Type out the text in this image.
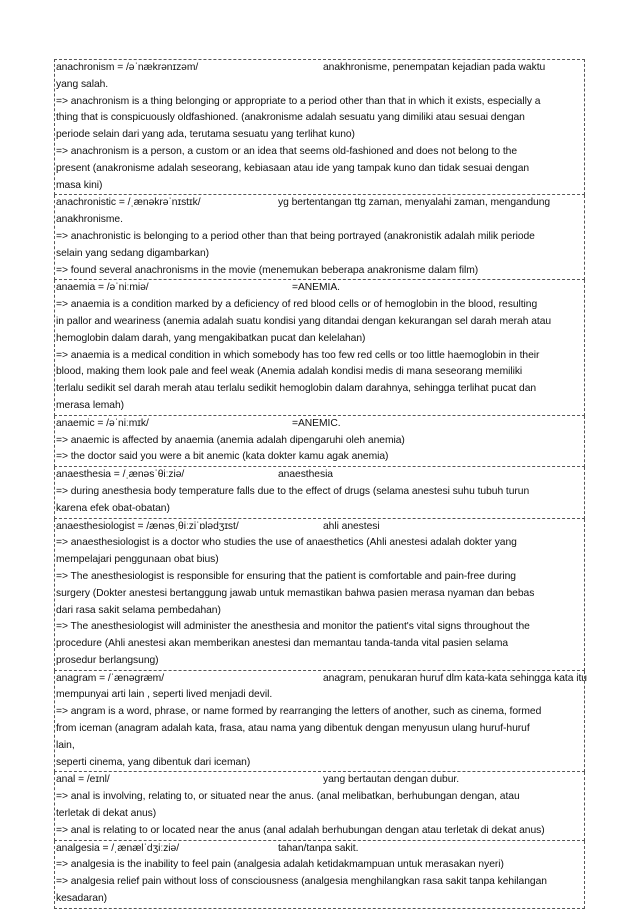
anachronism = /əˈnækrənɪzəm/	anakhronisme, penempatan kejadian pada waktu
yang salah.
=> anachronism is a thing belonging or appropriate to a period other than that in which it exists, especially a
thing that is conspicuously oldfashioned. (anakronisme adalah sesuatu yang dimiliki atau sesuai dengan
periode selain dari yang ada, terutama sesuatu yang terlihat kuno)
=> anachronism is a person, a custom or an idea that seems old-fashioned and does not belong to the
present (anakronisme adalah seseorang, kebiasaan atau ide yang tampak kuno dan tidak sesuai dengan
masa kini)
anachronistic = /ˌænəkrəˈnɪstɪk/	yg bertentangan ttg zaman, menyalahi zaman, mengandung
anakhronisme.
=> anachronistic is belonging to a period other than that being portrayed (anakronistik adalah milik periode
selain yang sedang digambarkan)
=> found several anachronisms in the movie (menemukan beberapa anakronisme dalam film)
anaemia = /əˈniːmiə/	=ANEMIA.
=> anaemia is a condition marked by a deficiency of red blood cells or of hemoglobin in the blood, resulting
in pallor and weariness (anemia adalah suatu kondisi yang ditandai dengan kekurangan sel darah merah atau
hemoglobin dalam darah, yang mengakibatkan pucat dan kelelahan)
=> anaemia is a medical condition in which somebody has too few red cells or too little haemoglobin in their
blood, making them look pale and feel weak (Anemia adalah kondisi medis di mana seseorang memiliki
terlalu sedikit sel darah merah atau terlalu sedikit hemoglobin dalam darahnya, sehingga terlihat pucat dan
merasa lemah)
anaemic = /əˈniːmɪk/	=ANEMIC.
=> anaemic is affected by anaemia (anemia adalah dipengaruhi oleh anemia)
=> the doctor said you were a bit anemic (kata dokter kamu agak anemia)
anaesthesia = /ˌænəsˈθiːziə/	anaesthesia
=> during anesthesia body temperature falls due to the effect of drugs (selama anestesi suhu tubuh turun
karena efek obat-obatan)
anaesthesiologist = /ænəsˌθiːziˈɒlədʒɪst/	ahli anestesi
=> anaesthesiologist is a doctor who studies the use of anaesthetics (Ahli anestesi adalah dokter yang
mempelajari penggunaan obat bius)
=> The anesthesiologist is responsible for ensuring that the patient is comfortable and pain-free during
surgery (Dokter anestesi bertanggung jawab untuk memastikan bahwa pasien merasa nyaman dan bebas
dari rasa sakit selama pembedahan)
=> The anesthesiologist will administer the anesthesia and monitor the patient's vital signs throughout the
procedure (Ahli anestesi akan memberikan anestesi dan memantau tanda-tanda vital pasien selama
prosedur berlangsung)
anagram = /ˈænəgræm/	anagram, penukaran huruf dlm kata-kata sehingga kata itu
mempunyai arti lain , seperti lived menjadi devil.
=> angram is a word, phrase, or name formed by rearranging the letters of another, such as cinema, formed
from iceman (anagram adalah kata, frasa, atau nama yang dibentuk dengan menyusun ulang huruf-huruf
lain,
seperti cinema, yang dibentuk dari iceman)
anal = /eɪnl/	yang bertautan dengan dubur.
=> anal is involving, relating to, or situated near the anus. (anal melibatkan, berhubungan dengan, atau
terletak di dekat anus)
=> anal is relating to or located near the anus (anal adalah berhubungan dengan atau terletak di dekat anus)
analgesia = /ˌænælˈdʒiːziə/	tahan/tanpa sakit.
=> analgesia is the inability to feel pain (analgesia adalah ketidakmampuan untuk merasakan nyeri)
=> analgesia relief pain without loss of consciousness (analgesia menghilangkan rasa sakit tanpa kehilangan
kesadaran)
